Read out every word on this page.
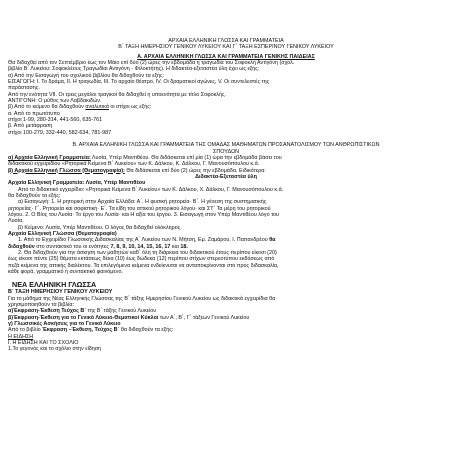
ΑΡΧΑΙΑ ΕΛΛΗΝΙΚΗ ΓΛΩΣΣΑ ΚΑΙ ΓΡΑΜΜΑΤΕΙΑ

Β΄ ΤΑΞΗ ΗΜΕΡΗΣΙΟΥ ΓΕΝΙΚΟΥ ΛΥΚΕΙΟΥ ΚΑΙ Γ΄ ΤΑΞΗ ΕΣΠΕΡΙΝΟΥ ΓΕΝΙΚΟΥ ΛΥΚΕΙΟΥ

Α. ΑΡΧΑΙΑ ΕΛΛΗΝΙΚΗ ΓΛΩΣΣΑ ΚΑΙ ΓΡΑΜΜΑΤΕΙΑ ΓΕΝΙΚΗΣ ΠΑΙΔΕΙΑΣ

Θα διδαχθεί από τον Σεπτέμβριο έως τον Μάιο επί δύο (2) ώρες την εβδομάδα η τραγωδία του Σοφοκλή Αντιγόνη (σχολ.

βιβλίο Β΄ Λυκείου: Σοφοκλέους Τραγωδίαι Αντιγόνη - Φιλοκτήτης). Η διδακτέα-εξεταστέα ύλη έχει ως εξής:

α) Από την Εισαγωγή του σχολικού βιβλίου θα διδαχθούν τα εξής:

ΕΙΣΑΓΩΓΗ: Ι. Το δράμα, ΙΙ. Η τραγωδία, ΙΙΙ. Το αρχαίο θέατρο, IV. Οι δραματικοί αγώνες, V. Οι συντελεστές της

παράστασης.

Από την ενότητα VII. Οι τρεις μεγάλοι τραγικοί θα διδαχθεί η υποενότητα με τίτλο Σοφοκλής.

ΑΝΤΙΓΟΝΗ: Ο μύθος των Λαβδακιδών.

β) Από το κείμενο θα διδαχθούν αναλυτικά οι στίχοι ως εξής:

α. Από το πρωτότυπο

στίχοι 1-99, 280-314, 441-560, 635-761

β. Από μετάφραση

στίχοι 100-279, 332-440, 582-634, 781-987

Β. ΑΡΧΑΙΑ ΕΛΛΗΝΙΚΗ ΓΛΩΣΣΑ ΚΑΙ ΓΡΑΜΜΑΤΕΙΑ ΤΗΣ ΟΜΑΔΑΣ ΜΑΘΗΜΑΤΩΝ ΠΡΟΣΑΝΑΤΟΛΙΣΜΟΥ ΤΩΝ ΑΝΘΡΩΠΙΣΤΙΚΩΝ

ΣΠΟΥΔΩΝ

α) Αρχαία Ελληνική Γραμματεία: Λυσία, Υπέρ Μαντιθέου. Θα διδάσκεται επί μία (1) ώρα την εβδομάδα βάσει του

διδακτικού εγχειριδίου «Ρητορικά Κείμενα Β΄ Λυκείου» των Κ. Δάλκου, Κ. Δάλκου, Γ. Μανουσόπουλου κ.ά.

β) Αρχαία Ελληνική Γλώσσα (Θεματογραφία): Θα διδάσκεται επί δύο (2) ώρες την εβδομάδα. Ειδικότερα:

Διδακτέα-Εξεταστέα ύλη

Αρχαία Ελληνική Γραμματεία: Λυσία, Υπέρ Μαντιθέου

Από το διδακτικό εγχειρίδιο: «Ρητορικά Κείμενα Β΄ Λυκείου» των Κ. Δάλκου, Χ. Δάλκου, Γ. Μανουσόπουλου κ.ά.

θα διδαχθούν τα εξής:

α) Εισαγωγή: 1. Η ρητορική στην Αρχαία Ελλάδα: Α΄. Η φυσική ρητορεία· Β΄. Η γένεση της συστηματικής

ρητορείας· Γ΄. Ρητορεία και σοφιστική· Ε΄. Τα είδη του αττικού ρητορικού λόγου· και ΣΤ΄ Τα μέρη του ρητορικού

λόγου. 2. Ο Βίος του Λυσία· Το έργο του Λυσία· και Η αξία του έργου. 3. Εισαγωγή στον Υπέρ Μαντιθέου λόγο του

Λυσία.

β) Κείμενο: Λυσία, Υπέρ Μαντιθέου. Ο λόγος θα διδαχθεί ολόκληρος.

Αρχαία Ελληνική Γλώσσα (Θεματογραφία)

1. Από το Εγχειρίδιο Γλωσσικής Διδασκαλίας της Α΄ Λυκείου των Ν. Μήτση, Εμ. Ζαμάρου, Ι. Παπανδρέου θα

διδαχθούν στο συντακτικό του οι ενότητες 7, 8, 9, 10, 14, 15, 16, 17 και 18.

2. Θα διδαχθούν για την άσκηση των μαθητών καθ΄ όλη τη διάρκεια του διδακτικού έτους περίπου είκοσι (20)

έως είκοσι πέντε (25) θέματα εκτάσεως δέκα (10) έως δώδεκα (12) περίπου στίχων στερεοτύπου εκδόσεως από

πεζά κείμενα της αττικής διαλέκτου. Τα επιλεγόμενα κείμενα ενδείκνυται να ανταποκρίνονται στο προς διδασκαλία,

κάθε φορά, γραμματικό ή συντακτικό φαινόμενο.

ΝΕΑ ΕΛΛΗΝΙΚΗ ΓΛΩΣΣΑ

Β΄ ΤΑΞΗ ΗΜΕΡΗΣΙΟΥ ΓΕΝΙΚΟΥ ΛΥΚΕΙΟΥ

Για το μάθημα της Νέας Ελληνικής Γλώσσας της Β΄ τάξης Ημερησίου Γενικού Λυκείου ως διδακτικά εγχειρίδια θα

χρησιμοποιηθούν τα βιβλία:

α)Έκφραση-Έκθεση Τεύχος Β΄ της Β΄ τάξης Γενικού Λυκείου

β)Έκφραση-Έκθεση για το Γενικό Λύκειο-Θεματικοί Κύκλοι των Α΄, Β΄, Γ΄ τάξεων Γενικού Λυκείου

γ) Γλωσσικές Ασκήσεις για το Γενικό Λύκειο

Από το βιβλίο Έκφραση –Έκθεση, Τεύχος Β΄ θα διδαχθούν τα εξής:

Η ΕΙΔΗΣΗ

Ι. Η ΕΙΔΗΣΗ ΚΑΙ ΤΟ ΣΧΟΛΙΟ

1.Το γεγονός και το σχόλιο στην είδηση
